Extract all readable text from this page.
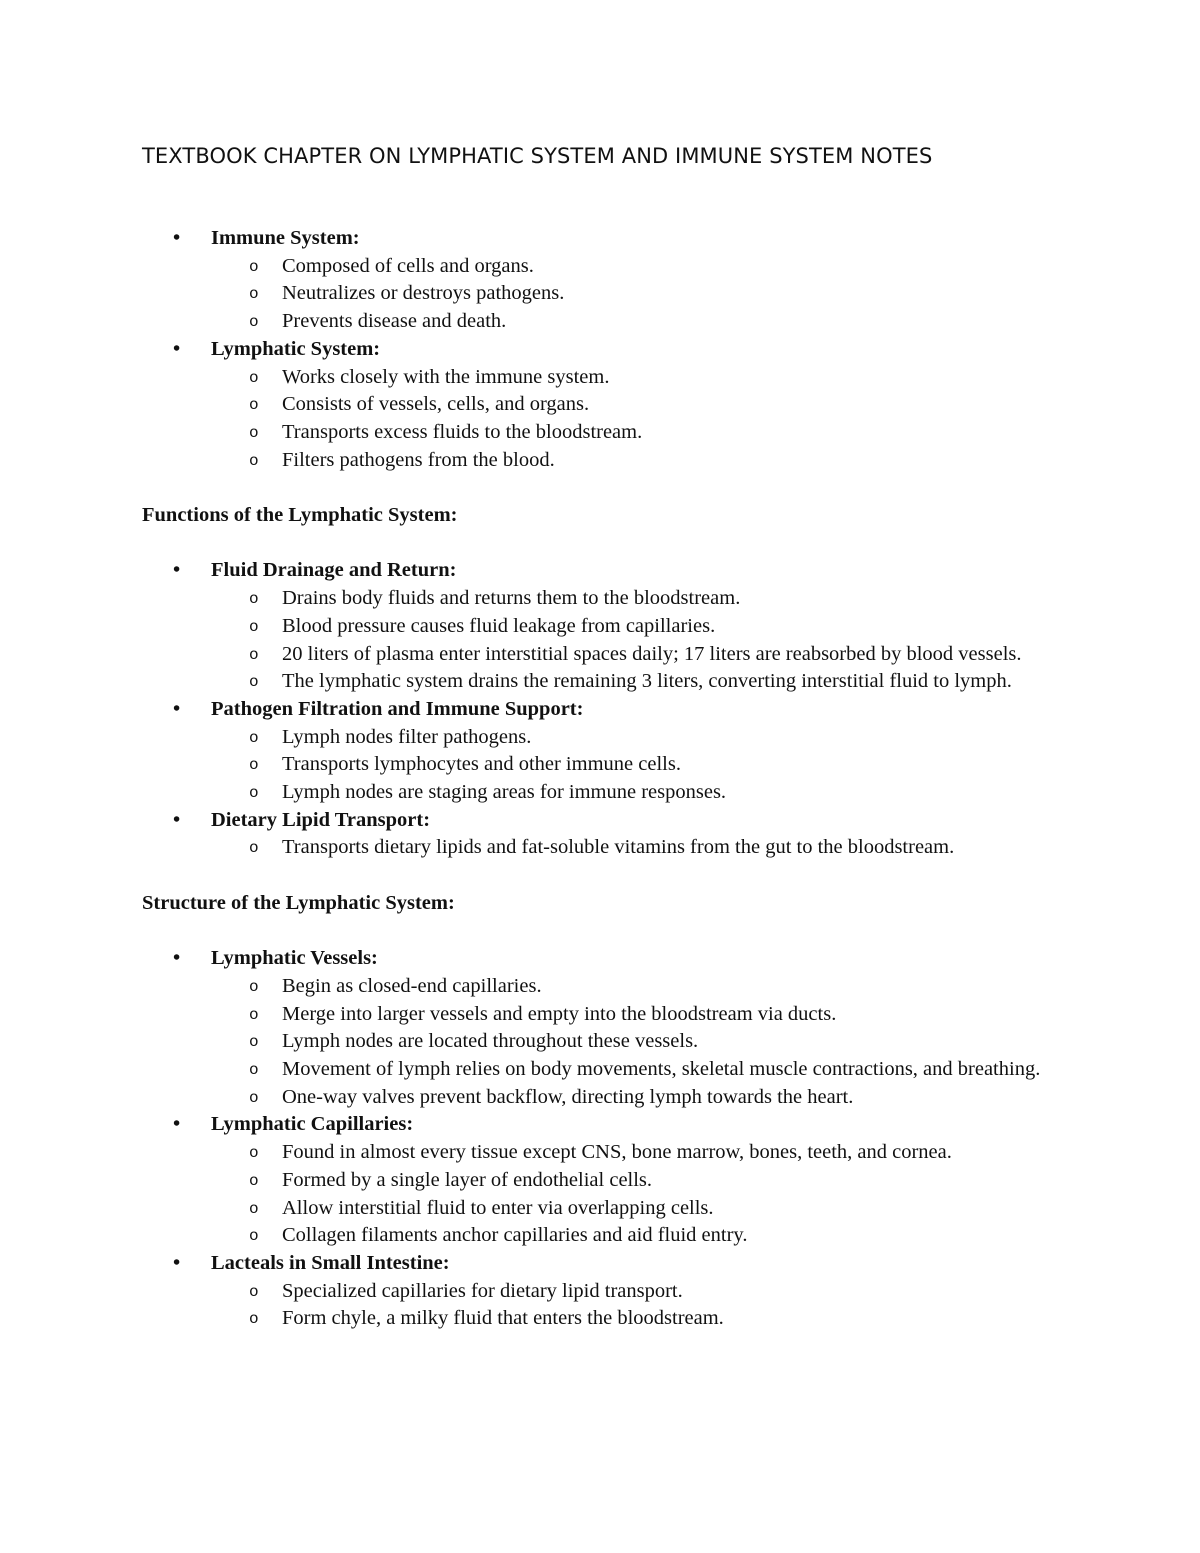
TEXTBOOK CHAPTER ON LYMPHATIC SYSTEM AND IMMUNE SYSTEM NOTES
• Immune System:
o Composed of cells and organs.
o Neutralizes or destroys pathogens.
o Prevents disease and death.
• Lymphatic System:
o Works closely with the immune system.
o Consists of vessels, cells, and organs.
o Transports excess fluids to the bloodstream.
o Filters pathogens from the blood.

Functions of the Lymphatic System:

• Fluid Drainage and Return:
o Drains body fluids and returns them to the bloodstream.
o Blood pressure causes fluid leakage from capillaries.
o 20 liters of plasma enter interstitial spaces daily; 17 liters are reabsorbed by blood vessels.
o The lymphatic system drains the remaining 3 liters, converting interstitial fluid to lymph.
• Pathogen Filtration and Immune Support:
o Lymph nodes filter pathogens.
o Transports lymphocytes and other immune cells.
o Lymph nodes are staging areas for immune responses.
• Dietary Lipid Transport:
o Transports dietary lipids and fat-soluble vitamins from the gut to the bloodstream.

Structure of the Lymphatic System:

• Lymphatic Vessels:
o Begin as closed-end capillaries.
o Merge into larger vessels and empty into the bloodstream via ducts.
o Lymph nodes are located throughout these vessels.
o Movement of lymph relies on body movements, skeletal muscle contractions, and breathing.
o One-way valves prevent backflow, directing lymph towards the heart.
• Lymphatic Capillaries:
o Found in almost every tissue except CNS, bone marrow, bones, teeth, and cornea.
o Formed by a single layer of endothelial cells.
o Allow interstitial fluid to enter via overlapping cells.
o Collagen filaments anchor capillaries and aid fluid entry.
• Lacteals in Small Intestine:
o Specialized capillaries for dietary lipid transport.
o Form chyle, a milky fluid that enters the bloodstream.
